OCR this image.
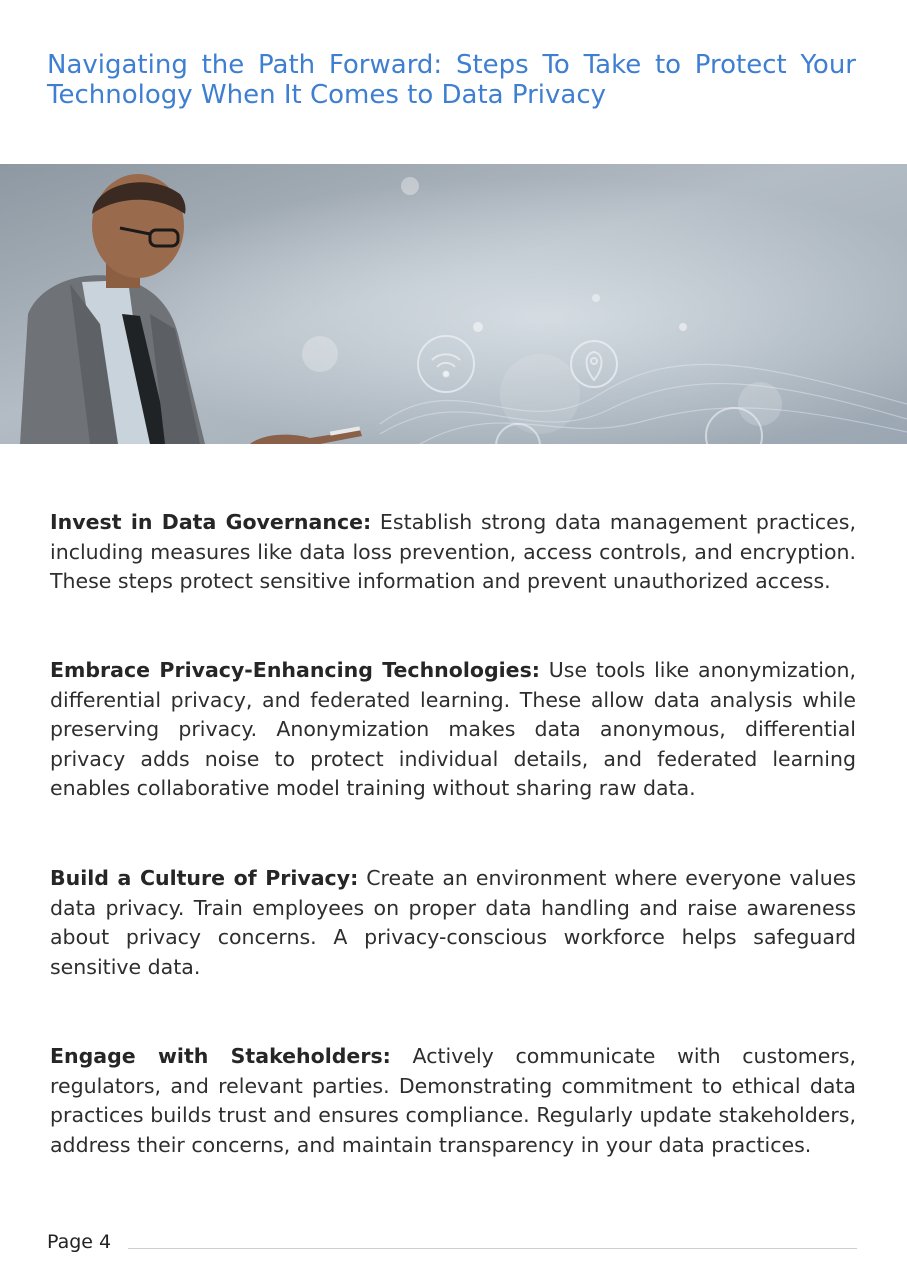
Navigating the Path Forward: Steps To Take to Protect Your Technology When It Comes to Data Privacy

Invest in Data Governance: Establish strong data management practices, including measures like data loss prevention, access controls, and encryption. These steps protect sensitive information and prevent unauthorized access.

Embrace Privacy-Enhancing Technologies: Use tools like anonymization, differential privacy, and federated learning. These allow data analysis while preserving privacy. Anonymization makes data anonymous, differential privacy adds noise to protect individual details, and federated learning enables collaborative model training without sharing raw data.

Build a Culture of Privacy: Create an environment where everyone values data privacy. Train employees on proper data handling and raise awareness about privacy concerns. A privacy-conscious workforce helps safeguard sensitive data.

Engage with Stakeholders: Actively communicate with customers, regulators, and relevant parties. Demonstrating commitment to ethical data practices builds trust and ensures compliance. Regularly update stakeholders, address their concerns, and maintain transparency in your data practices.

Page 4
